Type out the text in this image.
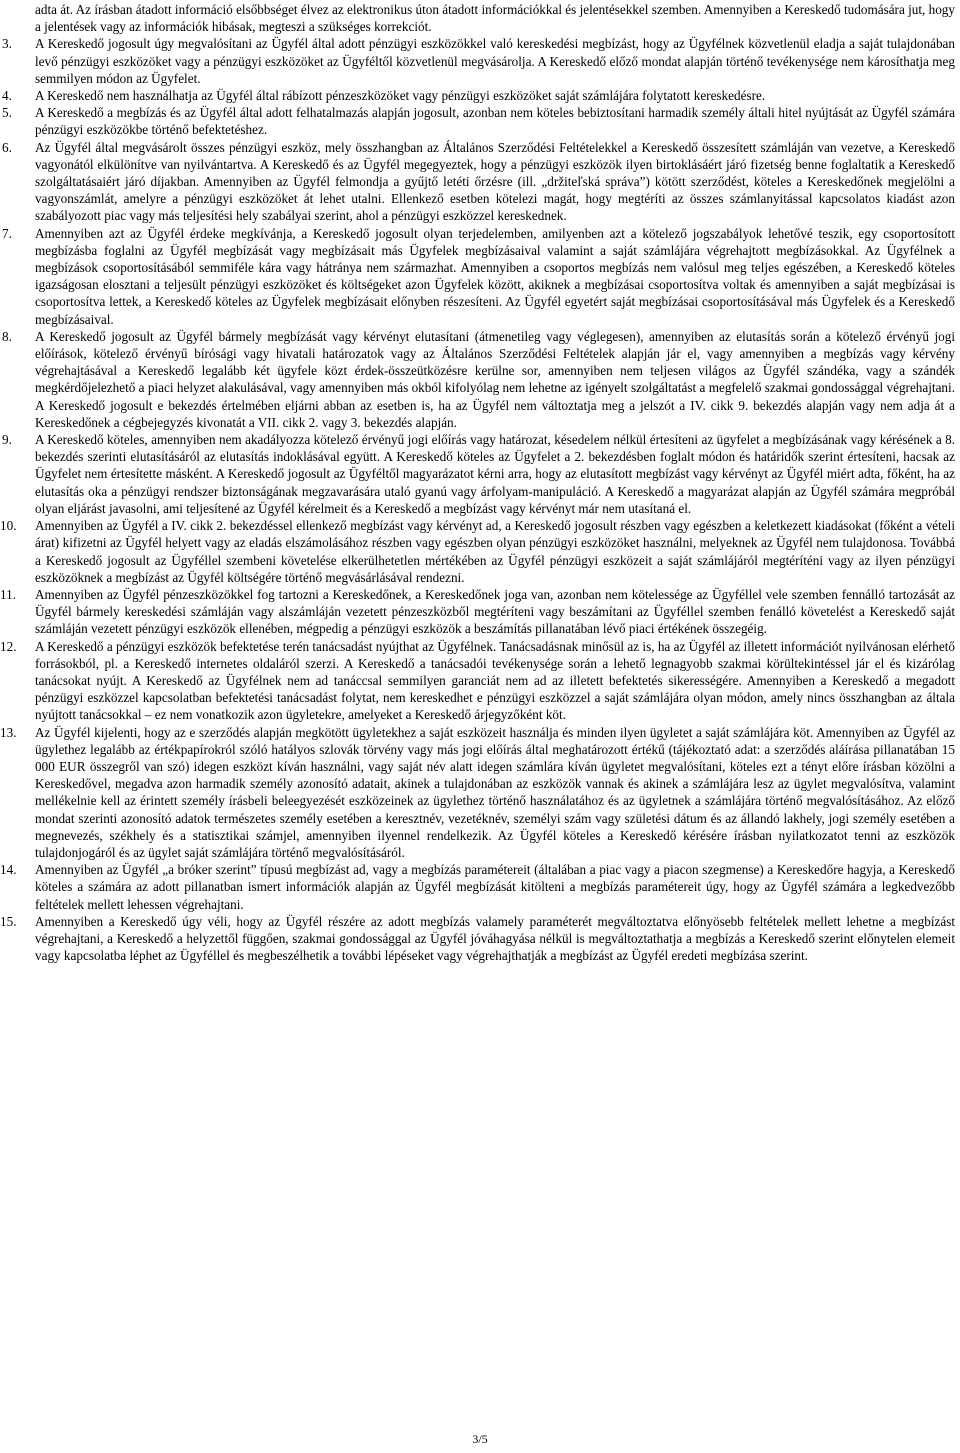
adta át. Az írásban átadott információ elsőbbséget élvez az elektronikus úton átadott információkkal és jelentésekkel szemben. Amennyiben a Kereskedő tudomására jut, hogy a jelentések vagy az információk hibásak, megteszi a szükséges korrekciót.

3.	A Kereskedő jogosult úgy megvalósítani az Ügyfél által adott pénzügyi eszközökkel való kereskedési megbízást, hogy az Ügyfélnek közvetlenül eladja a saját tulajdonában levő pénzügyi eszközöket vagy a pénzügyi eszközöket az Ügyféltől közvetlenül megvásárolja. A Kereskedő előző mondat alapján történő tevékenysége nem károsíthatja meg semmilyen módon az Ügyfelet.

4.	A Kereskedő nem használhatja az Ügyfél által rábízott pénzeszközöket vagy pénzügyi eszközöket saját számlájára folytatott kereskedésre.

5.	A Kereskedő a megbízás és az Ügyfél által adott felhatalmazás alapján jogosult, azonban nem köteles bebiztosítani harmadik személy általi hitel nyújtását az Ügyfél számára pénzügyi eszközökbe történő befektetéshez.

6.	Az Ügyfél által megvásárolt összes pénzügyi eszköz, mely összhangban az Általános Szerződési Feltételekkel a Kereskedő összesített számláján van vezetve, a Kereskedő vagyonától elkülönítve van nyilvántartva. A Kereskedő és az Ügyfél megegyeztek, hogy a pénzügyi eszközök ilyen birtoklásáért járó fizetség benne foglaltatik a Kereskedő szolgáltatásaiért járó díjakban. Amennyiben az Ügyfél felmondja a gyűjtő letéti őrzésre (ill. „držiteľská správa”) kötött szerződést, köteles a Kereskedőnek megjelölni a vagyonszámlát, amelyre a pénzügyi eszközöket át lehet utalni. Ellenkező esetben kötelezi magát, hogy megtéríti az összes számlanyitással kapcsolatos kiadást azon szabályozott piac vagy más teljesítési hely szabályai szerint, ahol a pénzügyi eszközzel kereskednek.

7.	Amennyiben azt az Ügyfél érdeke megkívánja, a Kereskedő jogosult olyan terjedelemben, amilyenben azt a kötelező jogszabályok lehetővé teszik, egy csoportosított megbízásba foglalni az Ügyfél megbízását vagy megbízásait más Ügyfelek megbízásaival valamint a saját számlájára végrehajtott megbízásokkal. Az Ügyfélnek a megbízások csoportosításából semmiféle kára vagy hátránya nem származhat. Amennyiben a csoportos megbízás nem valósul meg teljes egészében, a Kereskedő köteles igazságosan elosztani a teljesült pénzügyi eszközöket és költségeket azon Ügyfelek között, akiknek a megbízásai csoportosítva voltak és amennyiben a saját megbízásai is csoportosítva lettek, a Kereskedő köteles az Ügyfelek megbízásait előnyben részesíteni. Az Ügyfél egyetért saját megbízásai csoportosításával más Ügyfelek és a Kereskedő megbízásaival.

8.	A Kereskedő jogosult az Ügyfél bármely megbízását vagy kérvényt elutasítani (átmenetileg vagy véglegesen), amennyiben az elutasítás során a kötelező érvényű jogi előírások, kötelező érvényű bírósági vagy hivatali határozatok vagy az Általános Szerződési Feltételek alapján jár el, vagy amennyiben a megbízás vagy kérvény végrehajtásával a Kereskedő legalább két ügyfele közt érdek-összeütközésre kerülne sor, amennyiben nem teljesen világos az Ügyfél szándéka, vagy a szándék megkérdőjelezhető a piaci helyzet alakulásával, vagy amennyiben más okból kifolyólag nem lehetne az igényelt szolgáltatást a megfelelő szakmai gondossággal végrehajtani. A Kereskedő jogosult e bekezdés értelmében eljárni abban az esetben is, ha az Ügyfél nem változtatja meg a jelszót a IV. cikk 9. bekezdés alapján vagy nem adja át a Kereskedőnek a cégbejegyzés kivonatát a VII. cikk 2. vagy 3. bekezdés alapján.

9.	A Kereskedő köteles, amennyiben nem akadályozza kötelező érvényű jogi előírás vagy határozat, késedelem nélkül értesíteni az ügyfelet a megbízásának vagy kérésének a 8. bekezdés szerinti elutasításáról az elutasítás indoklásával együtt. A Kereskedő köteles az Ügyfelet a 2. bekezdésben foglalt módon és határidők szerint értesíteni, hacsak az Ügyfelet nem értesítette másként. A Kereskedő jogosult az Ügyféltől magyarázatot kérni arra, hogy az elutasított megbízást vagy kérvényt az Ügyfél miért adta, főként, ha az elutasítás oka a pénzügyi rendszer biztonságának megzavarására utaló gyanú vagy árfolyam-manipuláció. A Kereskedő a magyarázat alapján az Ügyfél számára megpróbál olyan eljárást javasolni, ami teljesítené az Ügyfél kérelmeit és a Kereskedő a megbízást vagy kérvényt már nem utasítaná el.

10.	Amennyiben az Ügyfél a IV. cikk 2. bekezdéssel ellenkező megbízást vagy kérvényt ad, a Kereskedő jogosult részben vagy egészben a keletkezett kiadásokat (főként a vételi árat) kifizetni az Ügyfél helyett vagy az eladás elszámolásához részben vagy egészben olyan pénzügyi eszközöket használni, melyeknek az Ügyfél nem tulajdonosa. Továbbá a Kereskedő jogosult az Ügyféllel szembeni követelése elkerülhetetlen mértékében az Ügyfél pénzügyi eszközeit a saját számlájáról megtéríténi vagy az ilyen pénzügyi eszközöknek a megbízást az Ügyfél költségére történő megvásárlásával rendezni.

11.	Amennyiben az Ügyfél pénzeszközökkel fog tartozni a Kereskedőnek, a Kereskedőnek joga van, azonban nem kötelessége az Ügyféllel vele szemben fennálló tartozását az Ügyfél bármely kereskedési számláján vagy alszámláján vezetett pénzeszközből megtéríteni vagy beszámítani az Ügyféllel szemben fenálló követelést a Kereskedő saját számláján vezetett pénzügyi eszközök ellenében, mégpedig a pénzügyi eszközök a beszámítás pillanatában lévő piaci értékének összegéig.

12.	A Kereskedő a pénzügyi eszközök befektetése terén tanácsadást nyújthat az Ügyfélnek. Tanácsadásnak minősül az is, ha az Ügyfél az illetett információt nyilvánosan elérhető forrásokból, pl. a Kereskedő internetes oldaláról szerzi. A Kereskedő a tanácsadói tevékenysége során a lehető legnagyobb szakmai körültekintéssel jár el és kizárólag tanácsokat nyújt. A Kereskedő az Ügyfélnek nem ad tanáccsal semmilyen garanciát nem ad az illetett befektetés sikerességére. Amennyiben a Kereskedő a megadott pénzügyi eszközzel kapcsolatban befektetési tanácsadást folytat, nem kereskedhet e pénzügyi eszközzel a saját számlájára olyan módon, amely nincs összhangban az általa nyújtott tanácsokkal – ez nem vonatkozik azon ügyletekre, amelyeket a Kereskedő árjegyzőként köt.

13.	Az Ügyfél kijelenti, hogy az e szerződés alapján megkötött ügyletekhez a saját eszközeit használja és minden ilyen ügyletet a saját számlájára köt. Amennyiben az Ügyfél az ügylethez legalább az értékpapírokról szóló hatályos szlovák törvény vagy más jogi előírás által meghatározott értékű (tájékoztató adat: a szerződés aláírása pillanatában 15 000 EUR összegről van szó) idegen eszközt kíván használni, vagy saját név alatt idegen számlára kíván ügyletet megvalósítani, köteles ezt a tényt előre írásban közölni a Kereskedővel, megadva azon harmadik személy azonosító adatait, akinek a tulajdonában az eszközök vannak és akinek a számlájára lesz az ügylet megvalósítva, valamint mellékelnie kell az érintett személy írásbeli beleegyezését eszközeinek az ügylethez történő használatához és az ügyletnek a számlájára történő megvalósításához. Az előző mondat szerinti azonosító adatok természetes személy esetében a keresztnév, vezetéknév, személyi szám vagy születési dátum és az állandó lakhely, jogi személy esetében a megnevezés, székhely és a statisztikai számjel, amennyiben ilyennel rendelkezik. Az Ügyfél köteles a Kereskedő kérésére írásban nyilatkozatot tenni az eszközök tulajdonjogáról és az ügylet saját számlájára történő megvalósításáról.

14.	Amennyiben az Ügyfél „a bróker szerint” típusú megbízást ad, vagy a megbízás paramétereit (általában a piac vagy a piacon szegmense) a Kereskedőre hagyja, a Kereskedő köteles a számára az adott pillanatban ismert információk alapján az Ügyfél megbízását kitölteni a megbízás paramétereit úgy, hogy az Ügyfél számára a legkedvezőbb feltételek mellett lehessen végrehajtani.

15.	Amennyiben a Kereskedő úgy véli, hogy az Ügyfél részére az adott megbízás valamely paraméterét megváltoztatva előnyösebb feltételek mellett lehetne a megbízást végrehajtani, a Kereskedő a helyzettől függően, szakmai gondossággal az Ügyfél jóváhagyása nélkül is megváltoztathatja a megbízás a Kereskedő szerint előnytelen elemeit vagy kapcsolatba léphet az Ügyféllel és megbeszélhetik a további lépéseket vagy végrehajthatják a megbízást az Ügyfél eredeti megbízása szerint.

3/5
